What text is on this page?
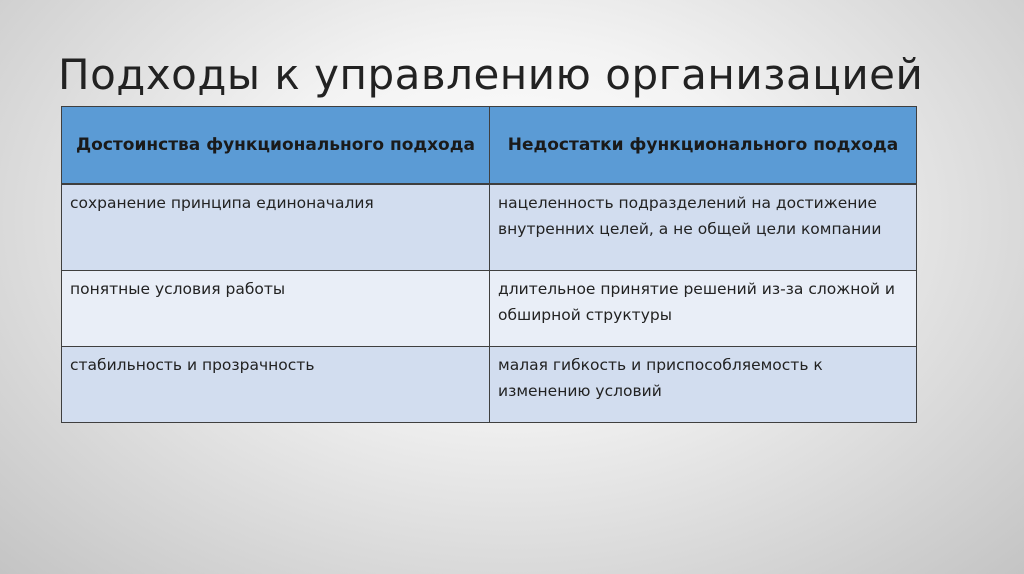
Подходы к управлению организацией
Достоинства функционального подхода	Недостатки функционального подхода
сохранение принципа единоначалия	нацеленность подразделений на достижение внутренних целей, а не общей цели компании
понятные условия работы	длительное принятие решений из-за сложной и обширной структуры
стабильность и прозрачность	малая гибкость и приспособляемость к изменению условий
